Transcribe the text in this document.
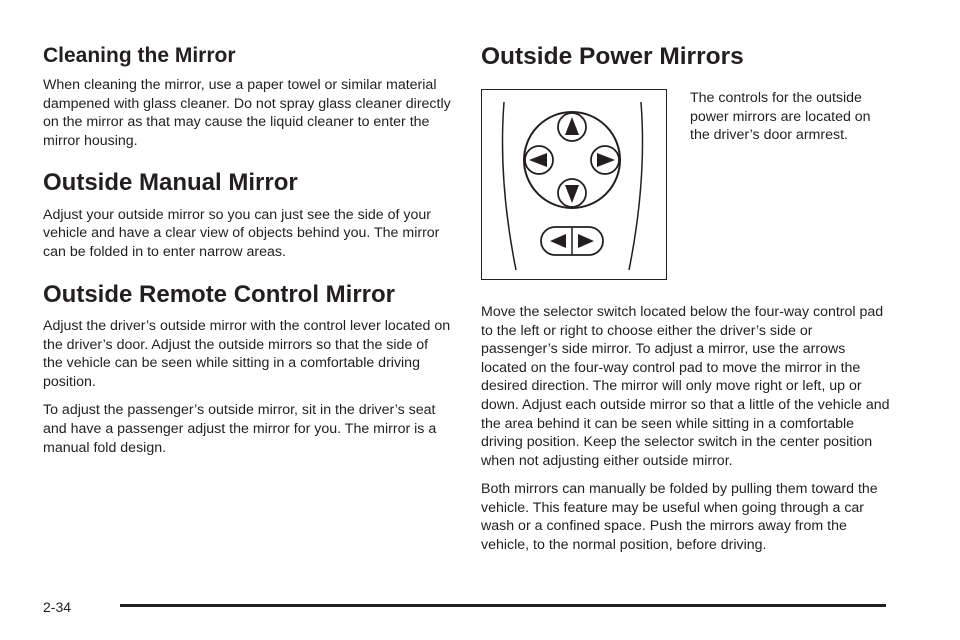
Cleaning the Mirror

When cleaning the mirror, use a paper towel or similar material dampened with glass cleaner. Do not spray glass cleaner directly on the mirror as that may cause the liquid cleaner to enter the mirror housing.

Outside Manual Mirror

Adjust your outside mirror so you can just see the side of your vehicle and have a clear view of objects behind you. The mirror can be folded in to enter narrow areas.

Outside Remote Control Mirror

Adjust the driver’s outside mirror with the control lever located on the driver’s door. Adjust the outside mirrors so that the side of the vehicle can be seen while sitting in a comfortable driving position.

To adjust the passenger’s outside mirror, sit in the driver’s seat and have a passenger adjust the mirror for you. The mirror is a manual fold design.

Outside Power Mirrors

The controls for the outside power mirrors are located on the driver’s door armrest.

Move the selector switch located below the four-way control pad to the left or right to choose either the driver’s side or passenger’s side mirror. To adjust a mirror, use the arrows located on the four-way control pad to move the mirror in the desired direction. The mirror will only move right or left, up or down. Adjust each outside mirror so that a little of the vehicle and the area behind it can be seen while sitting in a comfortable driving position. Keep the selector switch in the center position when not adjusting either outside mirror.

Both mirrors can manually be folded by pulling them toward the vehicle. This feature may be useful when going through a car wash or a confined space. Push the mirrors away from the vehicle, to the normal position, before driving.

2-34
